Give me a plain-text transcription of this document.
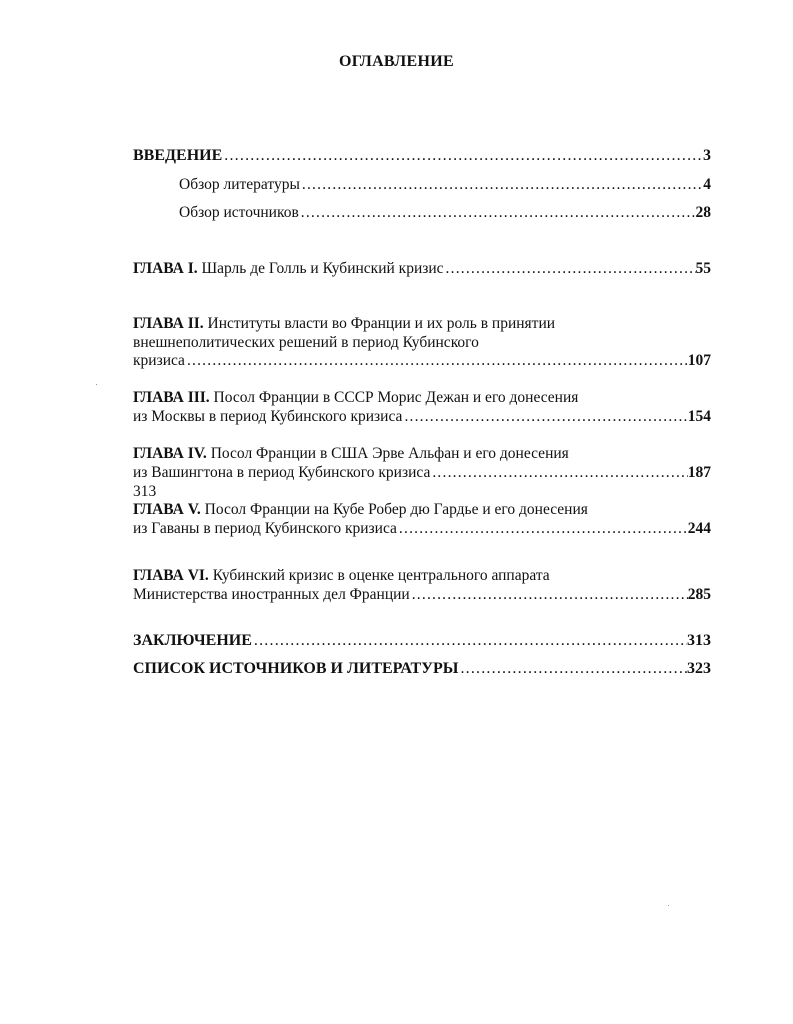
ОГЛАВЛЕНИЕ
ВВЕДЕНИЕ .....	3
Обзор литературы .....	4
Обзор источников .....	28
ГЛАВА I. Шарль де Голль и Кубинский кризис .....	55
ГЛАВА II. Институты власти во Франции и их роль в принятии
внешнеполитических решений в период Кубинского
кризиса .....	107
ГЛАВА III. Посол Франции в СССР Морис Дежан и его донесения
из Москвы в период Кубинского кризиса .....	154
ГЛАВА IV. Посол Франции в США Эрве Альфан и его донесения
из Вашингтона в период Кубинского кризиса .....	187
313
ГЛАВА V. Посол Франции на Кубе Робер дю Гардье и его донесения
из Гаваны в период Кубинского кризиса .....	244
ГЛАВА VI. Кубинский кризис в оценке центрального аппарата
Министерства иностранных дел Франции .....	285
ЗАКЛЮЧЕНИЕ .....	313
СПИСОК ИСТОЧНИКОВ И ЛИТЕРАТУРЫ .....	323
